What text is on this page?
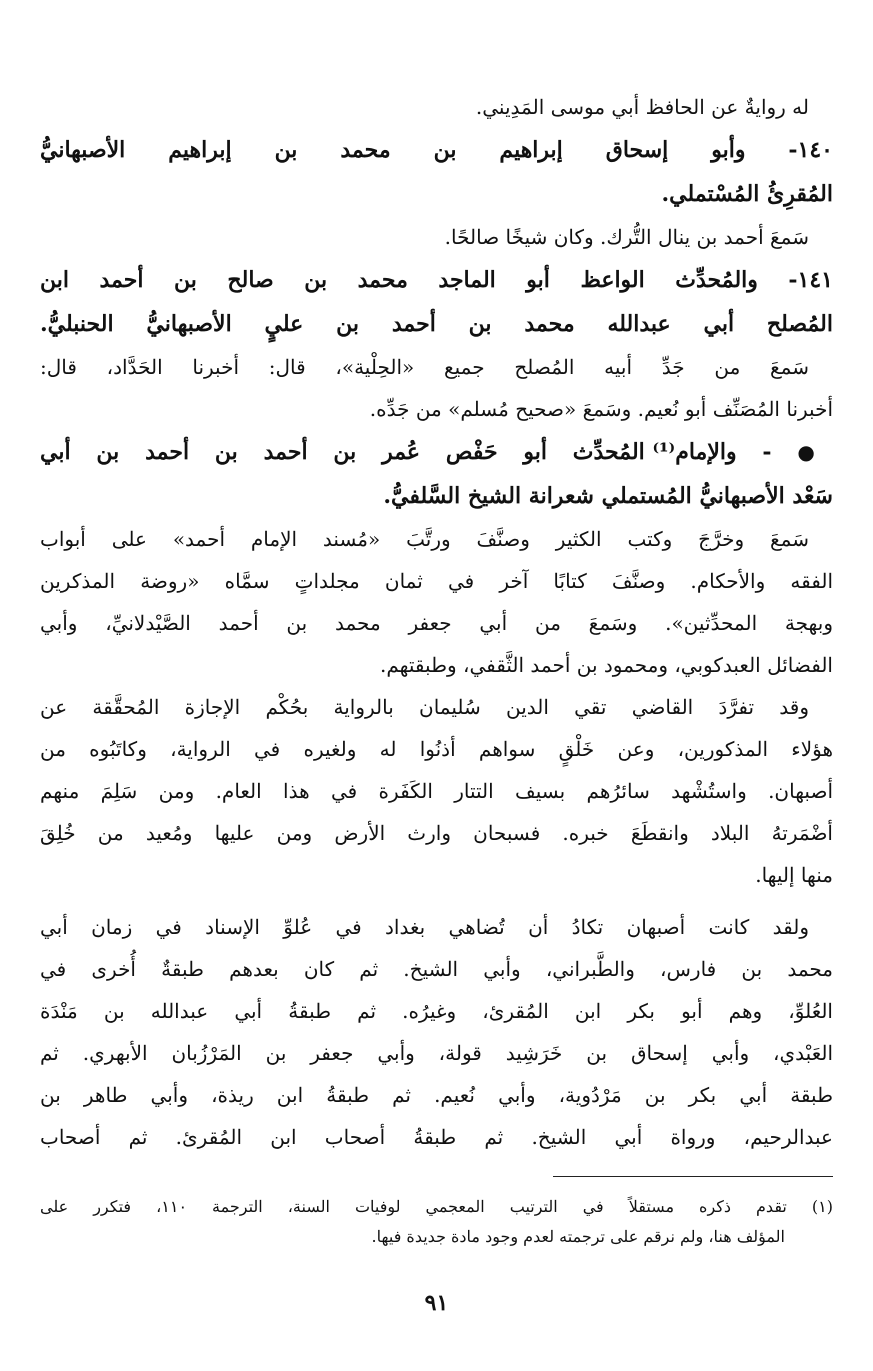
له روايةٌ عن الحافظ أبي موسى المَدِيني.
١٤٠- وأبو إسحاق إبراهيم بن محمد بن إبراهيم الأصبهانيُّ
المُقرِئُ المُسْتملي.
سَمعَ أحمد بن ينال التُّرك. وكان شيخًا صالحًا.
١٤١- والمُحدِّث الواعظ أبو الماجد محمد بن صالح بن أحمد ابن
المُصلح أبي عبدالله محمد بن أحمد بن عليٍ الأصبهانيُّ الحنبليُّ.
سَمعَ من جَدِّ أبيه المُصلح جميع «الحِلْية»، قال: أخبرنا الحَدَّاد، قال:
أخبرنا المُصَنِّف أبو نُعيم. وسَمعَ «صحيح مُسلم» من جَدِّه.
● - والإمام⁽¹⁾ المُحدِّث أبو حَفْص عُمر بن أحمد بن أحمد بن أبي
سَعْد الأصبهانيُّ المُستملي شعرانة الشيخ السَّلفيُّ.
سَمعَ وخرَّجَ وكتب الكثير وصنَّفَ ورتَّبَ «مُسند الإمام أحمد» على أبواب
الفقه والأحكام. وصنَّفَ كتابًا آخر في ثمان مجلداتٍ سمَّاه «روضة المذكرين
وبهجة المحدِّثين». وسَمعَ من أبي جعفر محمد بن أحمد الصَّيْدلانيِّ، وأبي
الفضائل العبدكوبي، ومحمود بن أحمد الثَّقفي، وطبقتهم.
وقد تفرَّدَ القاضي تقي الدين سُليمان بالرواية بحُكْم الإجازة المُحقَّقة عن
هؤلاء المذكورين، وعن خَلْقٍ سواهم أذنُوا له ولغيره في الرواية، وكاتَبُوه من
أصبهان. واستُشْهد سائرُهم بسيف التتار الكَفَرة في هذا العام. ومن سَلِمَ منهم
أضْمَرتهُ البلاد وانقطَعَ خبره. فسبحان وارث الأرض ومن عليها ومُعيد من خُلِقَ
منها إليها.
ولقد كانت أصبهان تكادُ أن تُضاهي بغداد في عُلوِّ الإسناد في زمان أبي
محمد بن فارس، والطَّبراني، وأبي الشيخ. ثم كان بعدهم طبقةٌ أُخرى في
العُلوِّ، وهم أبو بكر ابن المُقرئ، وغيرُه. ثم طبقةُ أبي عبدالله بن مَنْدَة
العَبْدي، وأبي إسحاق بن خَرَشِيد قولة، وأبي جعفر بن المَرْزُبان الأبهري. ثم
طبقة أبي بكر بن مَرْدُوية، وأبي نُعيم. ثم طبقةُ ابن ريذة، وأبي طاهر بن
عبدالرحيم، ورواة أبي الشيخ. ثم طبقةُ أصحاب ابن المُقرئ. ثم أصحاب
(١) تقدم ذكره مستقلاً في الترتيب المعجمي لوفيات السنة، الترجمة ١١٠، فتكرر على
المؤلف هنا، ولم نرقم على ترجمته لعدم وجود مادة جديدة فيها.
٩١
